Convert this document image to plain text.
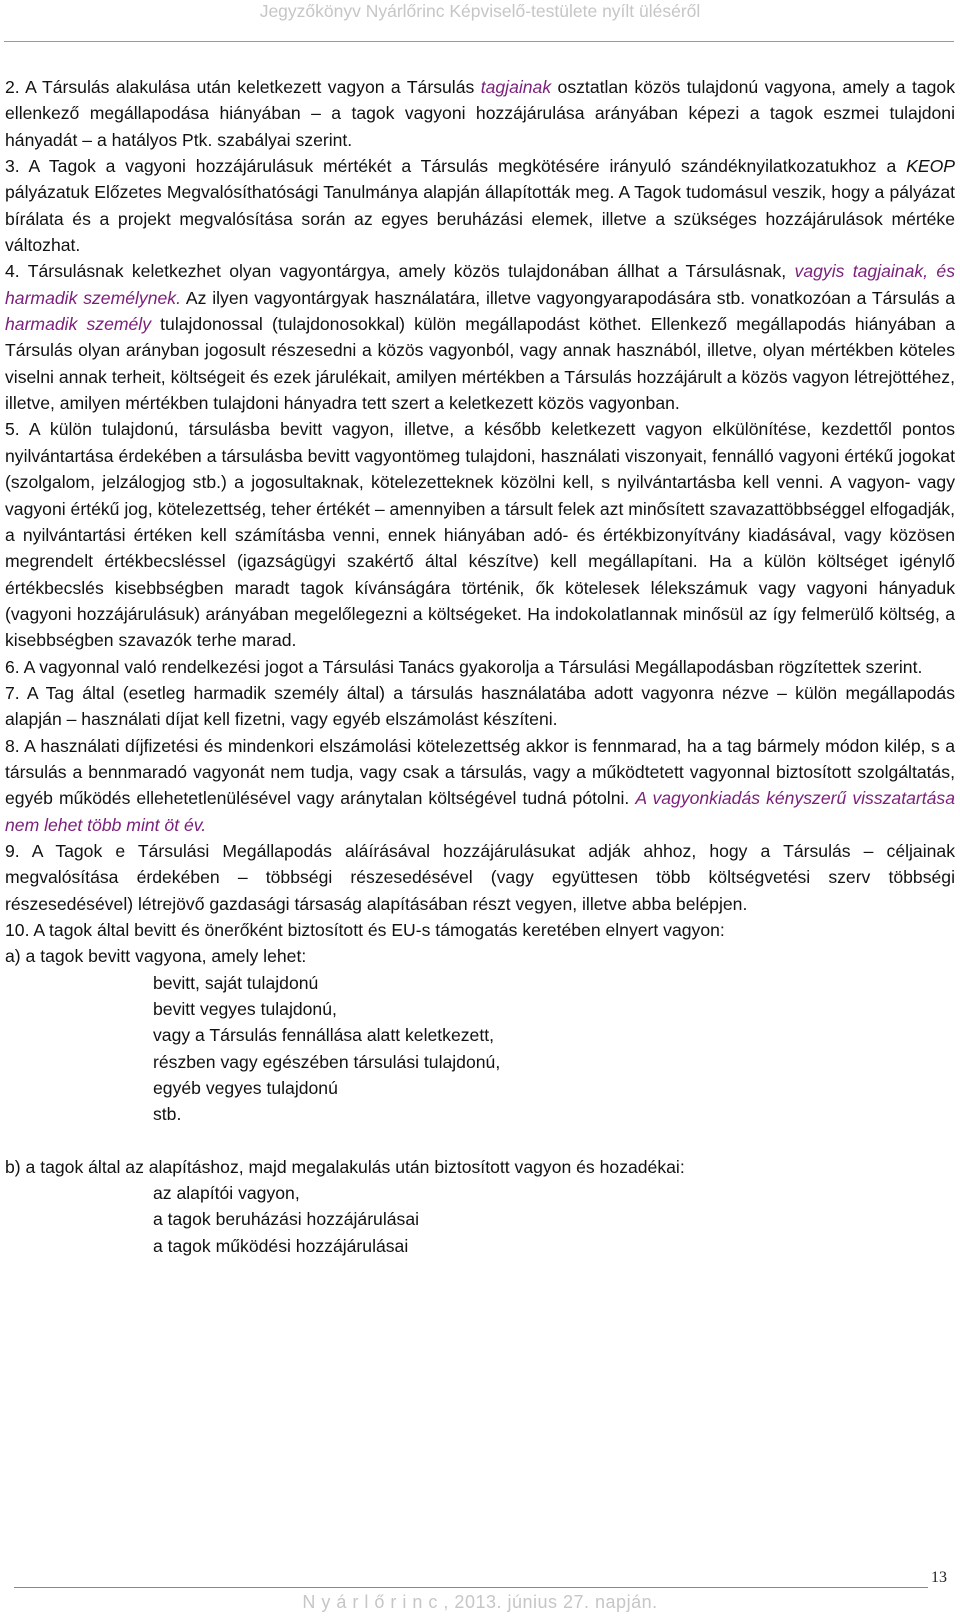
Jegyzőkönyv Nyárlőrinc Képviselő-testülete nyílt üléséről

2. A Társulás alakulása után keletkezett vagyon a Társulás tagjainak osztatlan közös tulajdonú vagyona, amely a tagok ellenkező megállapodása hiányában – a tagok vagyoni hozzájárulása arányában képezi a tagok eszmei tulajdoni hányadát – a hatályos Ptk. szabályai szerint.

3. A Tagok a vagyoni hozzájárulásuk mértékét a Társulás megkötésére irányuló szándéknyilatkozatukhoz a KEOP pályázatuk Előzetes Megvalósíthatósági Tanulmánya alapján állapították meg. A Tagok tudomásul veszik, hogy a pályázat bírálata és a projekt megvalósítása során az egyes beruházási elemek, illetve a szükséges hozzájárulások mértéke változhat.

4. Társulásnak keletkezhet olyan vagyontárgya, amely közös tulajdonában állhat a Társulásnak, vagyis tagjainak, és harmadik személynek. Az ilyen vagyontárgyak használatára, illetve vagyongyarapodására stb. vonatkozóan a Társulás a harmadik személy tulajdonossal (tulajdonosokkal) külön megállapodást köthet. Ellenkező megállapodás hiányában a Társulás olyan arányban jogosult részesedni a közös vagyonból, vagy annak hasznából, illetve, olyan mértékben köteles viselni annak terheit, költségeit és ezek járulékait, amilyen mértékben a Társulás hozzájárult a közös vagyon létrejöttéhez, illetve, amilyen mértékben tulajdoni hányadra tett szert a keletkezett közös vagyonban.

5. A külön tulajdonú, társulásba bevitt vagyon, illetve, a később keletkezett vagyon elkülönítése, kezdettől pontos nyilvántartása érdekében a társulásba bevitt vagyontömeg tulajdoni, használati viszonyait, fennálló vagyoni értékű jogokat (szolgalom, jelzálogjog stb.) a jogosultaknak, kötelezetteknek közölni kell, s nyilvántartásba kell venni. A vagyon- vagy vagyoni értékű jog, kötelezettség, teher értékét – amennyiben a társult felek azt minősített szavazattöbbséggel elfogadják, a nyilvántartási értéken kell számításba venni, ennek hiányában adó- és értékbizonyítvány kiadásával, vagy közösen megrendelt értékbecsléssel (igazságügyi szakértő által készítve) kell megállapítani. Ha a külön költséget igénylő értékbecslés kisebbségben maradt tagok kívánságára történik, ők kötelesek lélekszámuk vagy vagyoni hányaduk (vagyoni hozzájárulásuk) arányában megelőlegezni a költségeket. Ha indokolatlannak minősül az így felmerülő költség, a kisebbségben szavazók terhe marad.

6. A vagyonnal való rendelkezési jogot a Társulási Tanács gyakorolja a Társulási Megállapodásban rögzítettek szerint.

7. A Tag által (esetleg harmadik személy által) a társulás használatába adott vagyonra nézve – külön megállapodás alapján – használati díjat kell fizetni, vagy egyéb elszámolást készíteni.

8. A használati díjfizetési és mindenkori elszámolási kötelezettség akkor is fennmarad, ha a tag bármely módon kilép, s a társulás a bennmaradó vagyonát nem tudja, vagy csak a társulás, vagy a működtetett vagyonnal biztosított szolgáltatás, egyéb működés ellehetetlenülésével vagy aránytalan költségével tudná pótolni. A vagyonkiadás kényszerű visszatartása nem lehet több mint öt év.

9. A Tagok e Társulási Megállapodás aláírásával hozzájárulásukat adják ahhoz, hogy a Társulás – céljainak megvalósítása érdekében – többségi részesedésével (vagy együttesen több költségvetési szerv többségi részesedésével) létrejövő gazdasági társaság alapításában részt vegyen, illetve abba belépjen.

10. A tagok által bevitt és önerőként biztosított és EU-s támogatás keretében elnyert vagyon:

a) a tagok bevitt vagyona, amely lehet:

bevitt, saját tulajdonú

bevitt vegyes tulajdonú,

vagy a Társulás fennállása alatt keletkezett,

részben vagy egészében társulási tulajdonú,

egyéb vegyes tulajdonú

stb.

b) a tagok által az alapításhoz, majd megalakulás után biztosított vagyon és hozadékai:

az alapítói vagyon,

a tagok beruházási hozzájárulásai

a tagok működési hozzájárulásai

13
N y á r l ő r i n c , 2013. június 27. napján.
